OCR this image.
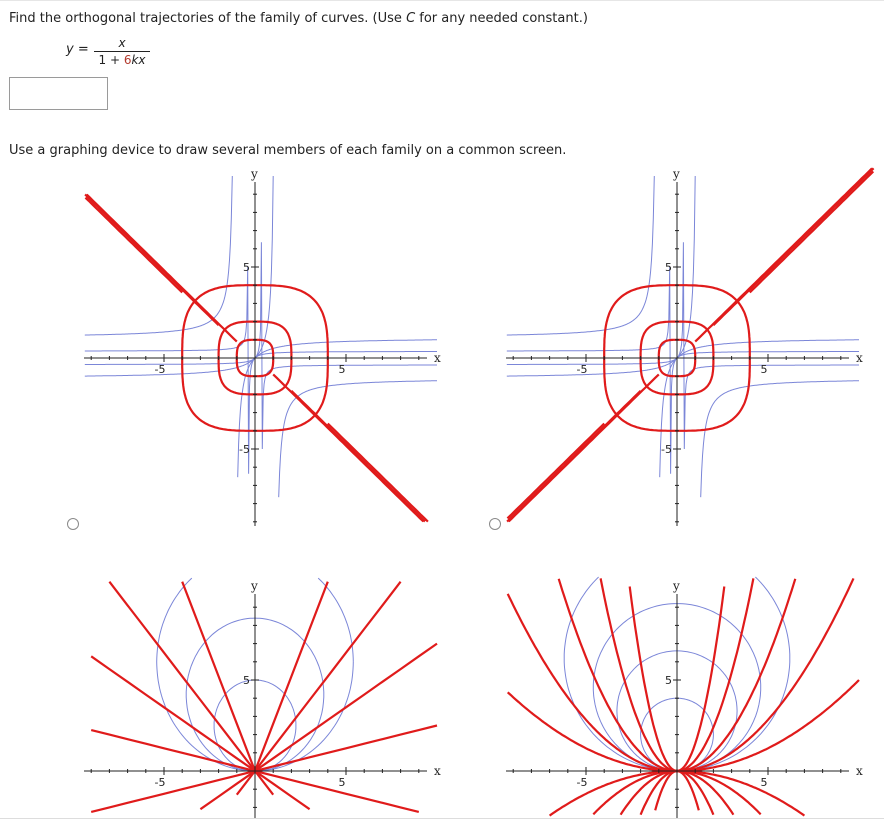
Find the orthogonal trajectories of the family of curves. (Use C for any needed constant.)

y =	x
1 + 6kx

Use a graphing device to draw several members of each family on a common screen.

x
y
-5	5
5
-5
x
y
-5	5
5
-5
x
y
-5	5
5
x
y
-5	5
5
